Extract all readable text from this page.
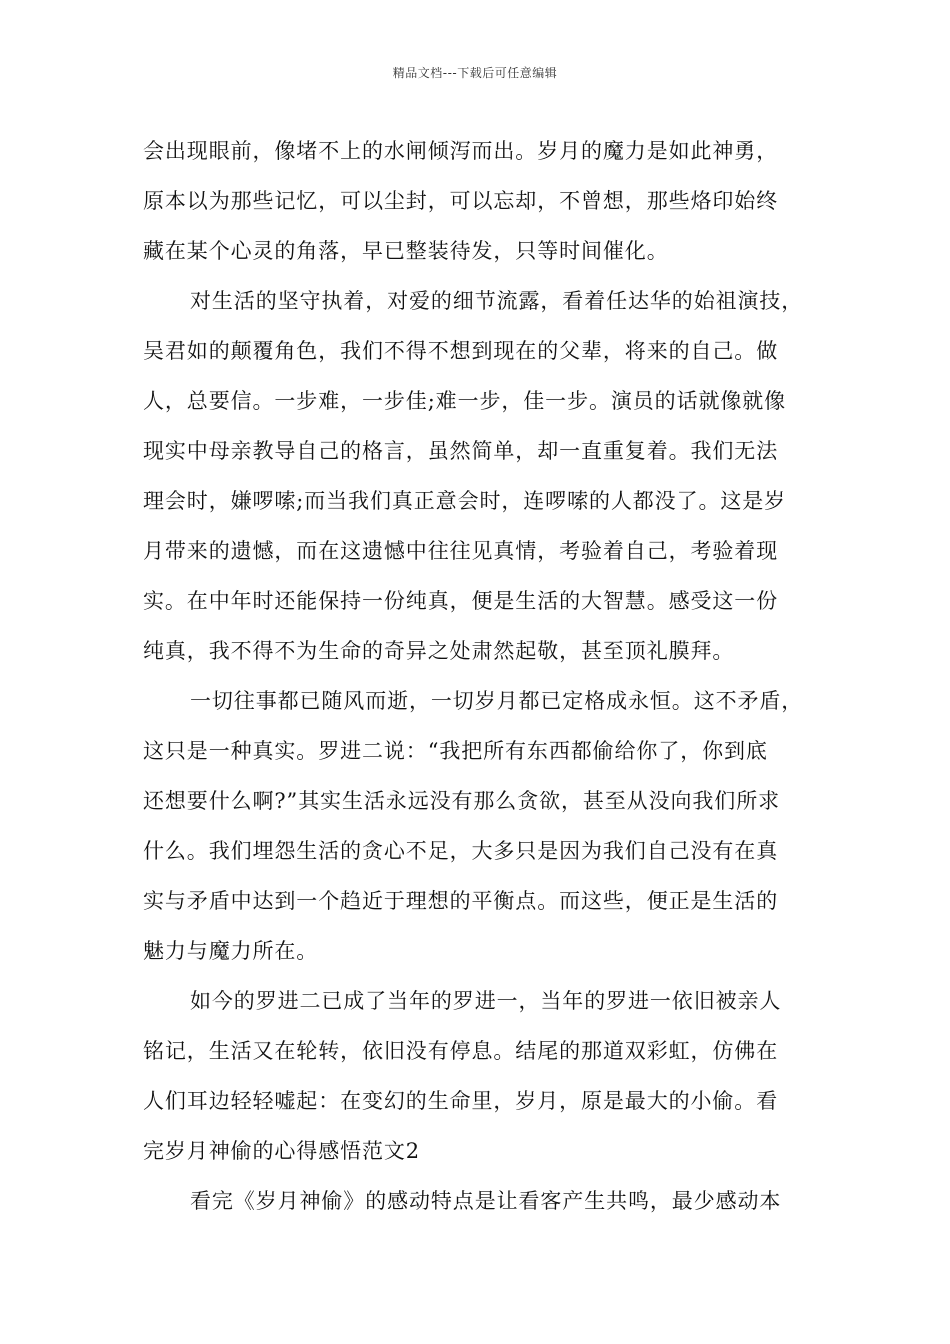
精品文档---下载后可任意编辑
会出现眼前，像堵不上的水闸倾泻而出。岁月的魔力是如此神勇，
原本以为那些记忆，可以尘封，可以忘却，不曾想，那些烙印始终
藏在某个心灵的角落，早已整装待发，只等时间催化。
对生活的坚守执着，对爱的细节流露，看着任达华的始祖演技，
吴君如的颠覆角色，我们不得不想到现在的父辈，将来的自己。做
人，总要信。一步难，一步佳;难一步，佳一步。演员的话就像就像
现实中母亲教导自己的格言，虽然简单，却一直重复着。我们无法
理会时，嫌啰嗦;而当我们真正意会时，连啰嗦的人都没了。这是岁
月带来的遗憾，而在这遗憾中往往见真情，考验着自己，考验着现
实。在中年时还能保持一份纯真，便是生活的大智慧。感受这一份
纯真，我不得不为生命的奇异之处肃然起敬，甚至顶礼膜拜。
一切往事都已随风而逝，一切岁月都已定格成永恒。这不矛盾，
这只是一种真实。罗进二说：“我把所有东西都偷给你了，你到底
还想要什么啊?”其实生活永远没有那么贪欲，甚至从没向我们所求
什么。我们埋怨生活的贪心不足，大多只是因为我们自己没有在真
实与矛盾中达到一个趋近于理想的平衡点。而这些，便正是生活的
魅力与魔力所在。
如今的罗进二已成了当年的罗进一，当年的罗进一依旧被亲人
铭记，生活又在轮转，依旧没有停息。结尾的那道双彩虹，仿佛在
人们耳边轻轻嘘起：在变幻的生命里，岁月，原是最大的小偷。看
完岁月神偷的心得感悟范文2
看完《岁月神偷》的感动特点是让看客产生共鸣，最少感动本
